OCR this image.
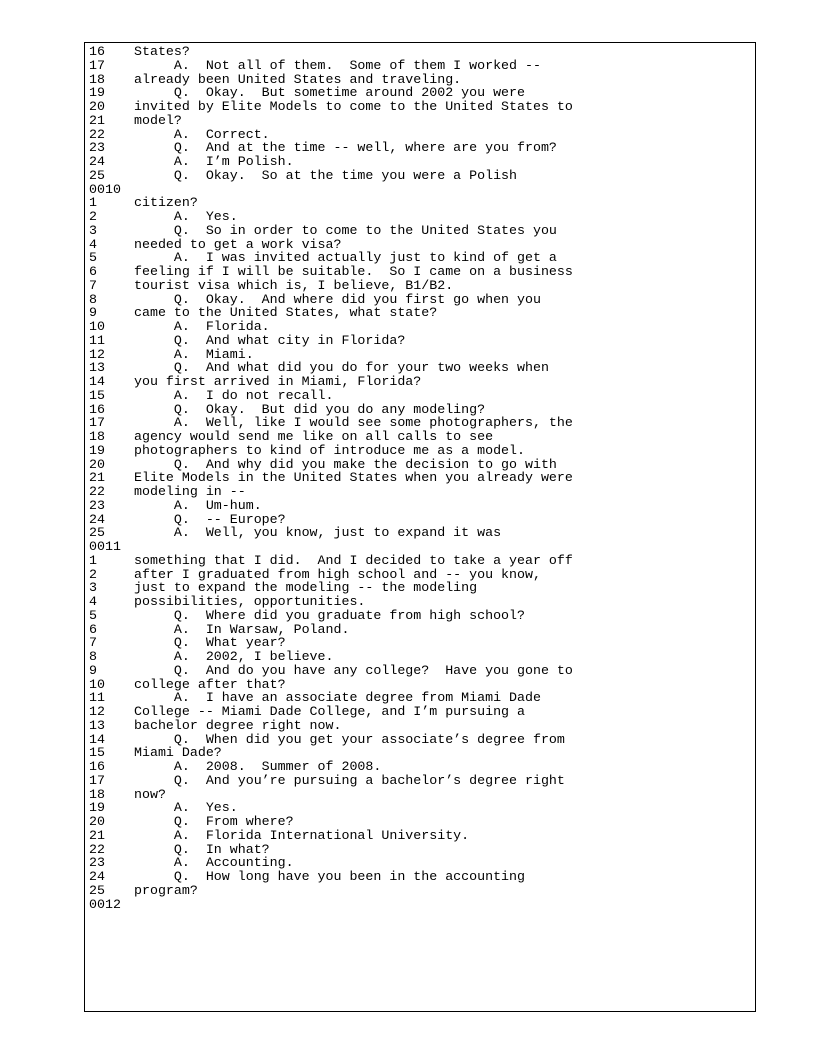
16	States?
17	A.  Not all of them.  Some of them I worked --
18	already been United States and traveling.
19	Q.  Okay.  But sometime around 2002 you were
20	invited by Elite Models to come to the United States to
21	model?
22	A.  Correct.
23	Q.  And at the time -- well, where are you from?
24	A.  I’m Polish.
25	Q.  Okay.  So at the time you were a Polish
0010
1	citizen?
2	A.  Yes.
3	Q.  So in order to come to the United States you
4	needed to get a work visa?
5	A.  I was invited actually just to kind of get a
6	feeling if I will be suitable.  So I came on a business
7	tourist visa which is, I believe, B1/B2.
8	Q.  Okay.  And where did you first go when you
9	came to the United States, what state?
10	A.  Florida.
11	Q.  And what city in Florida?
12	A.  Miami.
13	Q.  And what did you do for your two weeks when
14	you first arrived in Miami, Florida?
15	A.  I do not recall.
16	Q.  Okay.  But did you do any modeling?
17	A.  Well, like I would see some photographers, the
18	agency would send me like on all calls to see
19	photographers to kind of introduce me as a model.
20	Q.  And why did you make the decision to go with
21	Elite Models in the United States when you already were
22	modeling in --
23	A.  Um-hum.
24	Q.  -- Europe?
25	A.  Well, you know, just to expand it was
0011
1	something that I did.  And I decided to take a year off
2	after I graduated from high school and -- you know,
3	just to expand the modeling -- the modeling
4	possibilities, opportunities.
5	Q.  Where did you graduate from high school?
6	A.  In Warsaw, Poland.
7	Q.  What year?
8	A.  2002, I believe.
9	Q.  And do you have any college?  Have you gone to
10	college after that?
11	A.  I have an associate degree from Miami Dade
12	College -- Miami Dade College, and I’m pursuing a
13	bachelor degree right now.
14	Q.  When did you get your associate’s degree from
15	Miami Dade?
16	A.  2008.  Summer of 2008.
17	Q.  And you’re pursuing a bachelor’s degree right
18	now?
19	A.  Yes.
20	Q.  From where?
21	A.  Florida International University.
22	Q.  In what?
23	A.  Accounting.
24	Q.  How long have you been in the accounting
25	program?
0012
